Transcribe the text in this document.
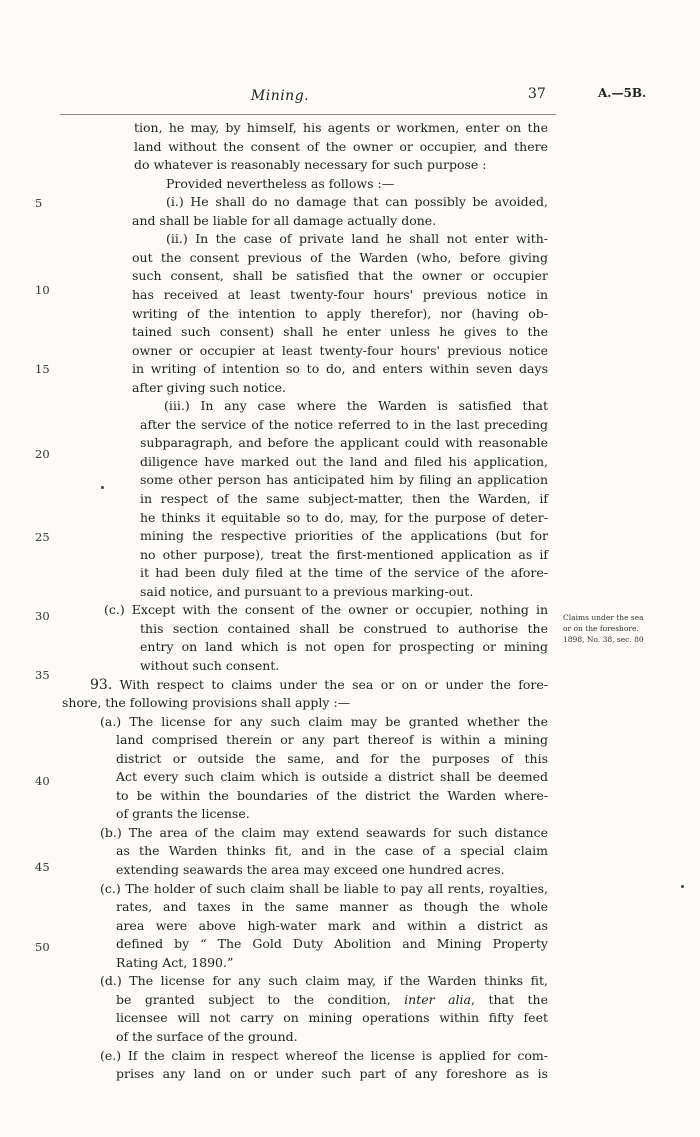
Mining.	37	A.—5B.
tion, he may, by himself, his agents or workmen, enter on the
land without the consent of the owner or occupier, and there
do whatever is reasonably necessary for such purpose :
Provided nevertheless as follows :—
(i.) He shall do no damage that can possibly be avoided,
and shall be liable for all damage actually done.
(ii.) In the case of private land he shall not enter with-
out the consent previous of the Warden (who, before giving
such consent, shall be satisfied that the owner or occupier
has received at least twenty-four hours' previous notice in
writing of the intention to apply therefor), nor (having ob-
tained such consent) shall he enter unless he gives to the
owner or occupier at least twenty-four hours' previous notice
in writing of intention so to do, and enters within seven days
after giving such notice.
(iii.) In any case where the Warden is satisfied that
after the service of the notice referred to in the last preceding
subparagraph, and before the applicant could with reasonable
diligence have marked out the land and filed his application,
some other person has anticipated him by filing an application
in respect of the same subject-matter, then the Warden, if
he thinks it equitable so to do, may, for the purpose of deter-
mining the respective priorities of the applications (but for
no other purpose), treat the first-mentioned application as if
it had been duly filed at the time of the service of the afore-
said notice, and pursuant to a previous marking-out.
(c.) Except with the consent of the owner or occupier, nothing in
this section contained shall be construed to authorise the
entry on land which is not open for prospecting or mining
without such consent.
93. With respect to claims under the sea or on or under the fore-
shore, the following provisions shall apply :—
(a.) The license for any such claim may be granted whether the
land comprised therein or any part thereof is within a mining
district or outside the same, and for the purposes of this
Act every such claim which is outside a district shall be deemed
to be within the boundaries of the district the Warden where-
of grants the license.
(b.) The area of the claim may extend seawards for such distance
as the Warden thinks fit, and in the case of a special claim
extending seawards the area may exceed one hundred acres.
(c.) The holder of such claim shall be liable to pay all rents, royalties,
rates, and taxes in the same manner as though the whole
area were above high-water mark and within a district as
defined by “ The Gold Duty Abolition and Mining Property
Rating Act, 1890.”
(d.) The license for any such claim may, if the Warden thinks fit,
be granted subject to the condition, inter alia, that the
licensee will not carry on mining operations within fifty feet
of the surface of the ground.
(e.) If the claim in respect whereof the license is applied for com-
prises any land on or under such part of any foreshore as is
5
10
15
20
25
30
35
40
45
50
Claims under the sea
or on the foreshore.
1898, No. 38, sec. 80
